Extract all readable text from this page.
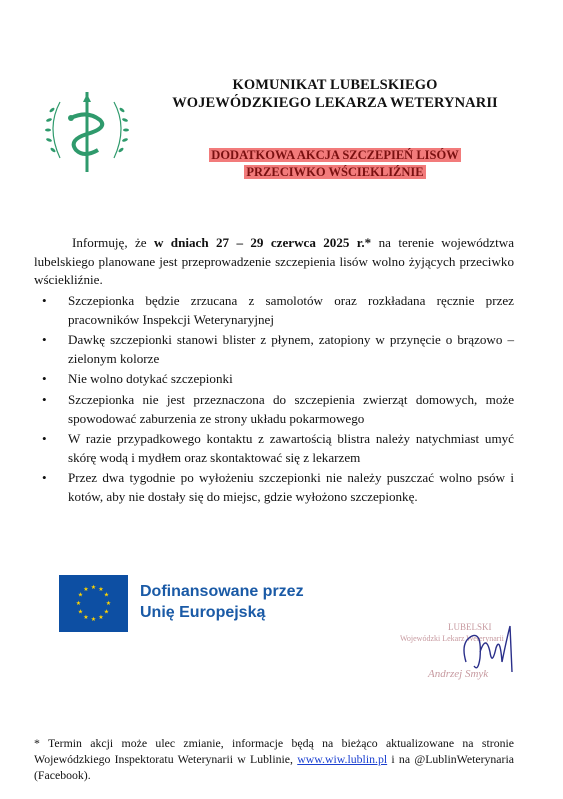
KOMUNIKAT LUBELSKIEGO
WOJEWÓDZKIEGO LEKARZA WETERYNARII
DODATKOWA AKCJA SZCZEPIEŃ LISÓW
PRZECIWKO WŚCIEKLIŹNIE
Informuję, że w dniach 27 – 29 czerwca 2025 r.* na terenie województwa lubelskiego planowane jest przeprowadzenie szczepienia lisów wolno żyjących przeciwko wściekliźnie.
• Szczepionka będzie zrzucana z samolotów oraz rozkładana ręcznie przez pracowników Inspekcji Weterynaryjnej
• Dawkę szczepionki stanowi blister z płynem, zatopiony w przynęcie o brązowo – zielonym kolorze
• Nie wolno dotykać szczepionki
• Szczepionka nie jest przeznaczona do szczepienia zwierząt domowych, może spowodować zaburzenia ze strony układu pokarmowego
• W razie przypadkowego kontaktu z zawartością blistra należy natychmiast umyć skórę wodą i mydłem oraz skontaktować się z lekarzem
• Przez dwa tygodnie po wyłożeniu szczepionki nie należy puszczać wolno psów i kotów, aby nie dostały się do miejsc, gdzie wyłożono szczepionkę.
★ ★
★
★
★
★
★
★
★
★
★
★	Dofinansowane przez
Unię Europejską
LUBELSKI
Wojewódzki Lekarz Weterynarii
Andrzej Smyk
* Termin akcji może ulec zmianie, informacje będą na bieżąco aktualizowane na stronie Wojewódzkiego Inspektoratu Weterynarii w Lublinie, www.wiw.lublin.pl i na @LublinWeterynaria (Facebook).
